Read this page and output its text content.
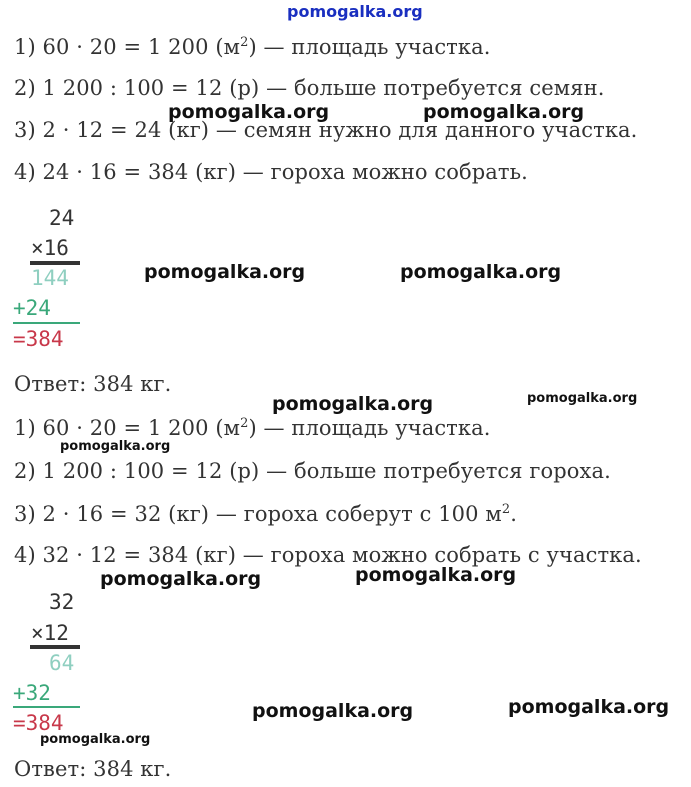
pomogalka.org
pomogalka.org	pomogalka.org
pomogalka.org	pomogalka.org
pomogalka.org	pomogalka.org
pomogalka.org
pomogalka.org	pomogalka.org
pomogalka.org	pomogalka.org
pomogalka.org
1) 60 · 20 = 1 200 $(м^2)$ — площадь участка.
2) 1 200 : 100 = 12 (р) — больше потребуется семян.
3) 2 · 12 = 24 (кг) — семян нужно для данного участка.
4) 24 · 16 = 384 (кг) — гороха можно собрать.
24
×16
144
+24
=384
Ответ: 384 кг.
1) 60 · 20 = 1 200 $(м^2)$ — площадь участка.
2) 1 200 : 100 = 12 (р) — больше потребуется гороха.
3) 2 · 16 = 32 (кг) — гороха соберут с 100 $м^2$.
4) 32 · 12 = 384 (кг) — гороха можно собрать с участка.
32
×12
64
+32
=384
Ответ: 384 кг.
